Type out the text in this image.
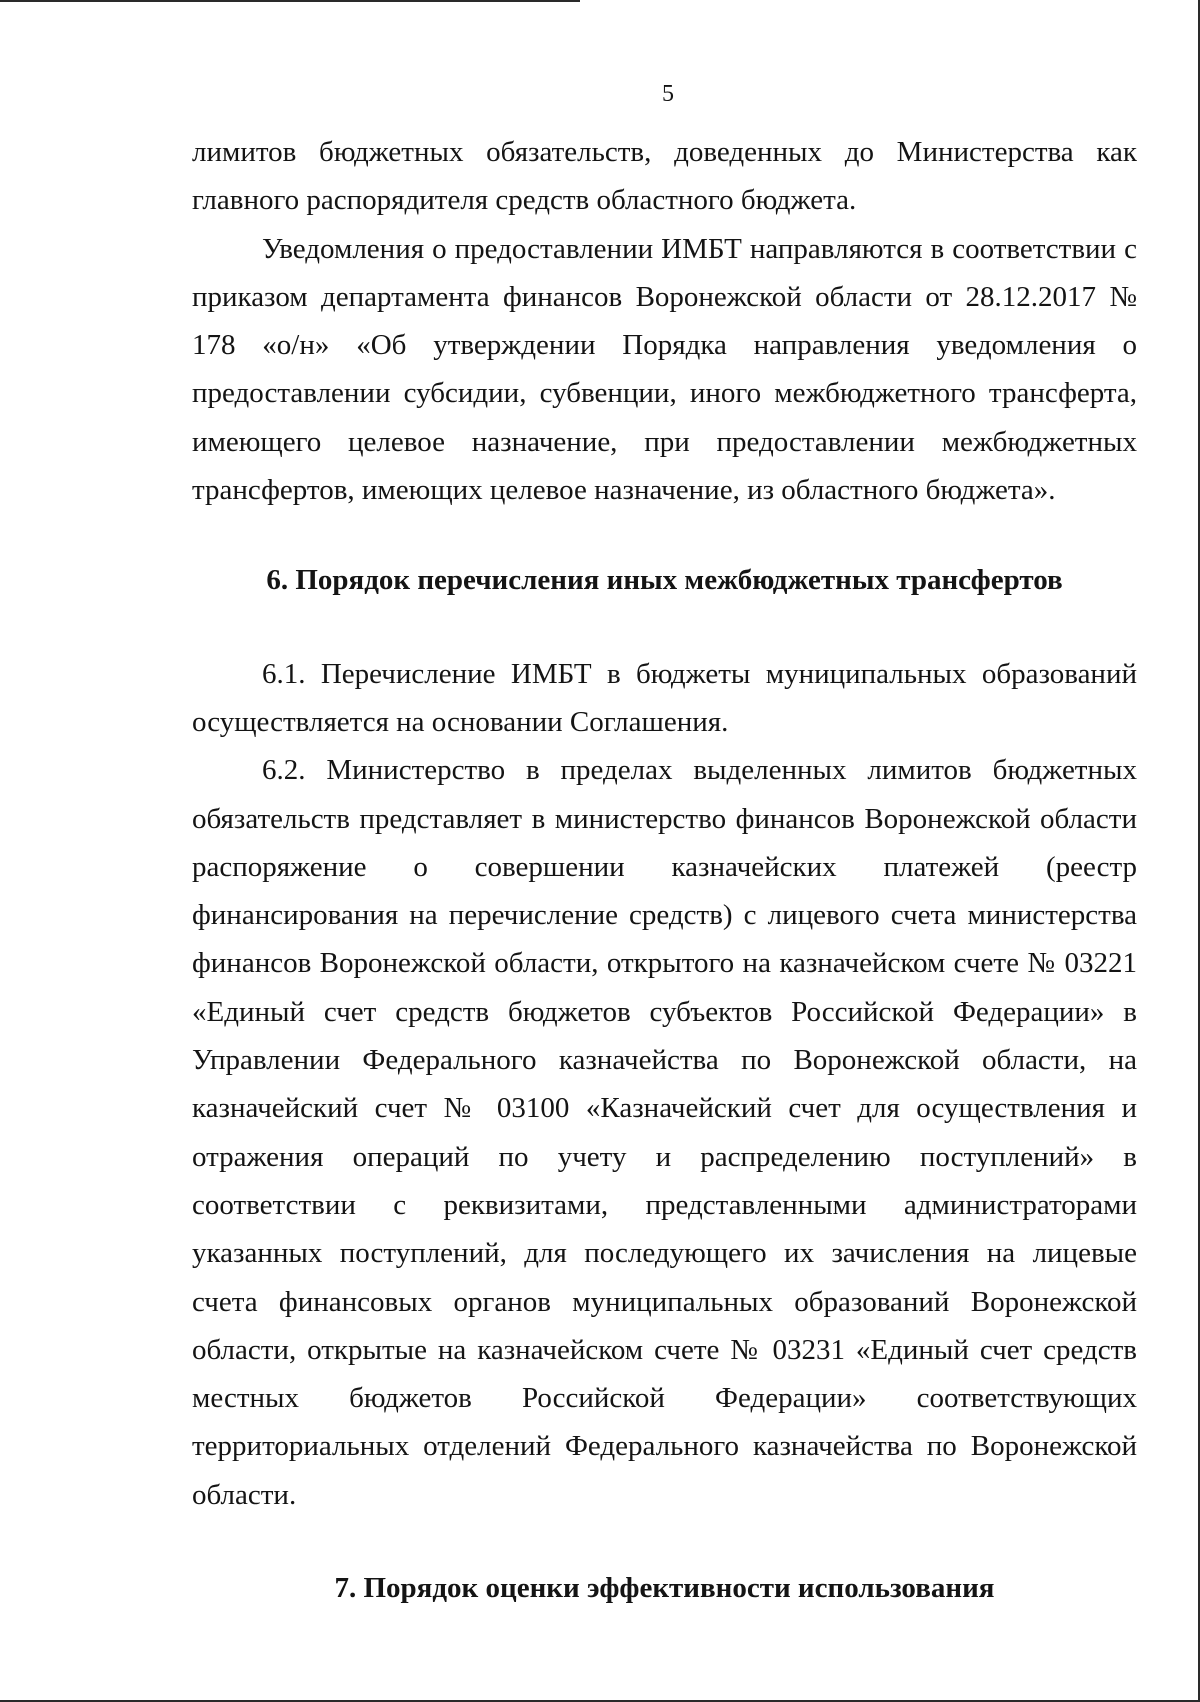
5

лимитов бюджетных обязательств, доведенных до Министерства как главного распорядителя средств областного бюджета.

Уведомления о предоставлении ИМБТ направляются в соответствии с приказом департамента финансов Воронежской области от 28.12.2017 № 178 «о/н» «Об утверждении Порядка направления уведомления о предоставлении субсидии, субвенции, иного межбюджетного трансферта, имеющего целевое назначение, при предоставлении межбюджетных трансфертов, имеющих целевое назначение, из областного бюджета».

6. Порядок перечисления иных межбюджетных трансфертов

6.1. Перечисление ИМБТ в бюджеты муниципальных образований осуществляется на основании Соглашения.

6.2. Министерство в пределах выделенных лимитов бюджетных обязательств представляет в министерство финансов Воронежской области распоряжение о совершении казначейских платежей (реестр финансирования на перечисление средств) с лицевого счета министерства финансов Воронежской области, открытого на казначейском счете № 03221 «Единый счет средств бюджетов субъектов Российской Федерации» в Управлении Федерального казначейства по Воронежской области, на казначейский счет № 03100 «Казначейский счет для осуществления и отражения операций по учету и распределению поступлений» в соответствии с реквизитами, представленными администраторами указанных поступлений, для последующего их зачисления на лицевые счета финансовых органов муниципальных образований Воронежской области, открытые на казначейском счете № 03231 «Единый счет средств местных бюджетов Российской Федерации» соответствующих территориальных отделений Федерального казначейства по Воронежской области.

7. Порядок оценки эффективности использования
